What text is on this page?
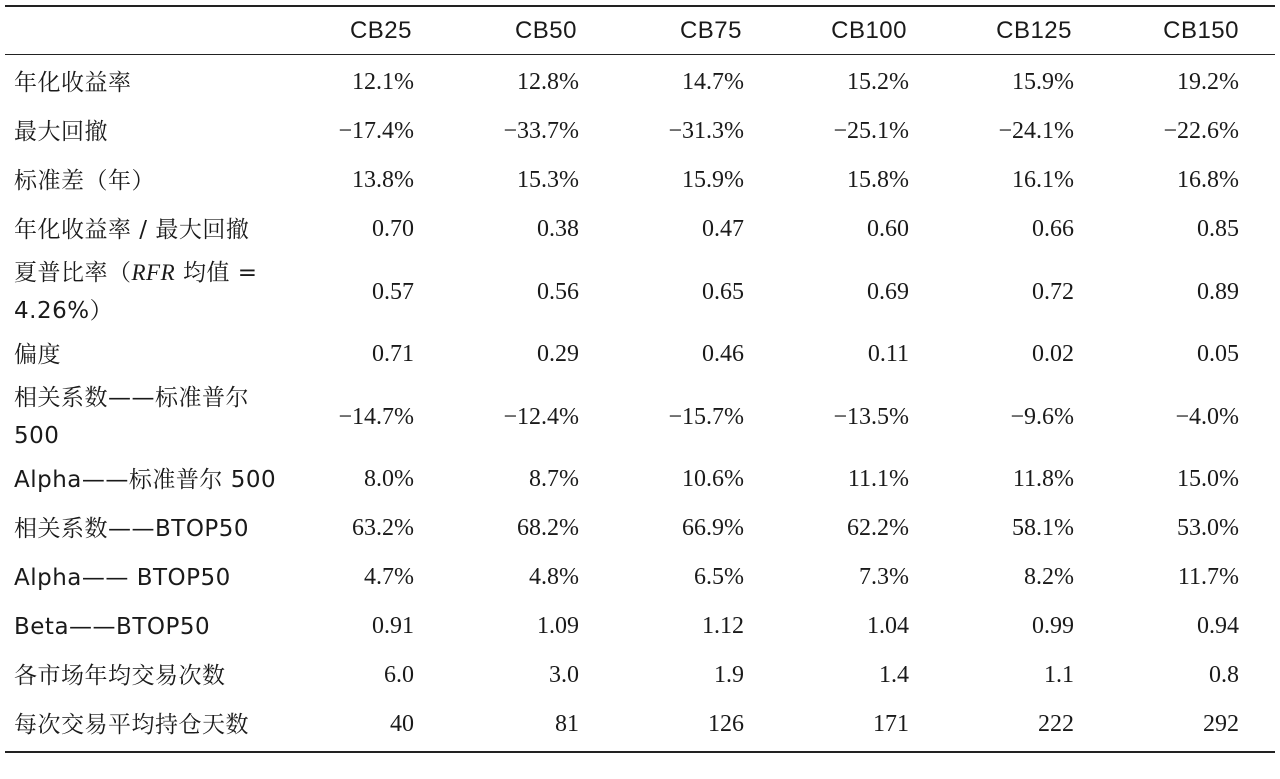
	CB25	CB50	CB75	CB100	CB125	CB150
年化收益率	12.1%	12.8%	14.7%	15.2%	15.9%	19.2%
最大回撤	−17.4%	−33.7%	−31.3%	−25.1%	−24.1%	−22.6%
标准差（年）	13.8%	15.3%	15.9%	15.8%	16.1%	16.8%
年化收益率 / 最大回撤	0.70	0.38	0.47	0.60	0.66	0.85
夏普比率（RFR 均值 = 4.26%）	0.57	0.56	0.65	0.69	0.72	0.89
偏度	0.71	0.29	0.46	0.11	0.02	0.05
相关系数——标准普尔 500	−14.7%	−12.4%	−15.7%	−13.5%	−9.6%	−4.0%
Alpha——标准普尔 500	8.0%	8.7%	10.6%	11.1%	11.8%	15.0%
相关系数——BTOP50	63.2%	68.2%	66.9%	62.2%	58.1%	53.0%
Alpha—— BTOP50	4.7%	4.8%	6.5%	7.3%	8.2%	11.7%
Beta——BTOP50	0.91	1.09	1.12	1.04	0.99	0.94
各市场年均交易次数	6.0	3.0	1.9	1.4	1.1	0.8
每次交易平均持仓天数	40	81	126	171	222	292
